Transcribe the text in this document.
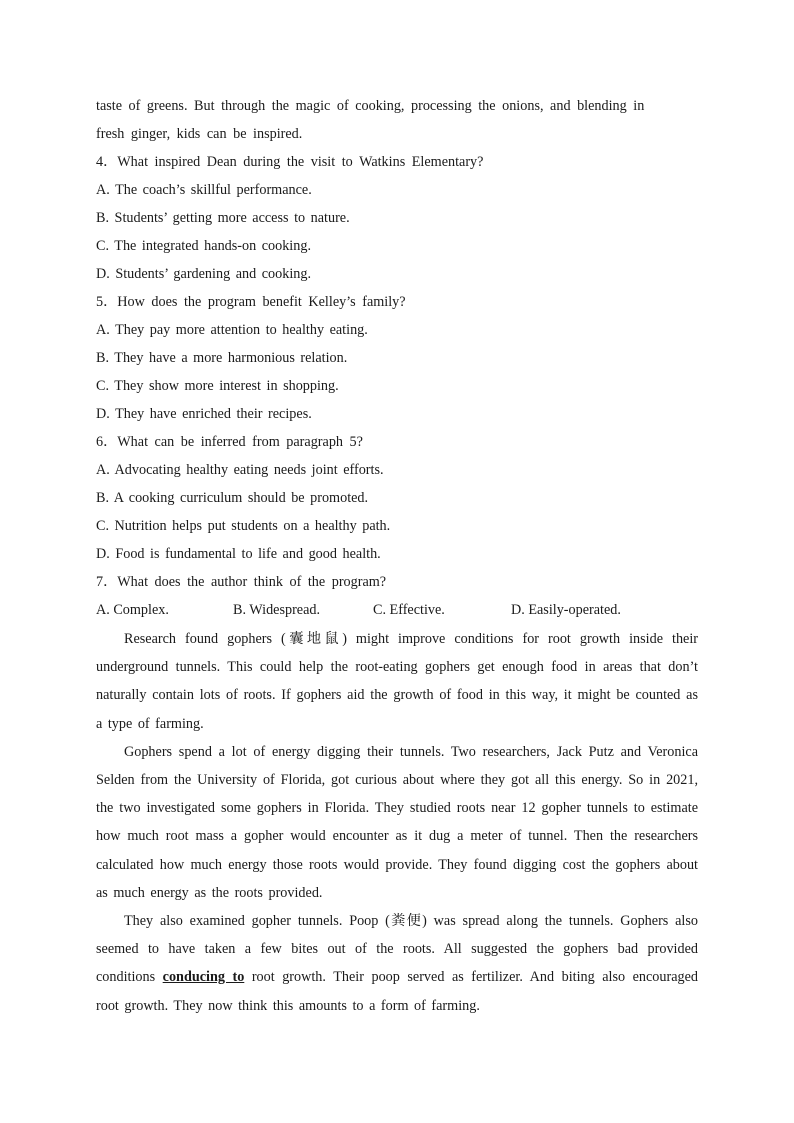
taste of greens. But through the magic of cooking, processing the onions, and blending in
fresh ginger, kids can be inspired.
4．What inspired Dean during the visit to Watkins Elementary?
A. The coach’s skillful performance.
B. Students’ getting more access to nature.
C. The integrated hands-on cooking.
D. Students’ gardening and cooking.
5．How does the program benefit Kelley’s family?
A. They pay more attention to healthy eating.
B. They have a more harmonious relation.
C. They show more interest in shopping.
D. They have enriched their recipes.
6．What can be inferred from paragraph 5?
A. Advocating healthy eating needs joint efforts.
B. A cooking curriculum should be promoted.
C. Nutrition helps put students on a healthy path.
D. Food is fundamental to life and good health.
7．What does the author think of the program?
A. Complex.	B. Widespread.	C. Effective.	D. Easily-operated.

Research found gophers (囊地鼠) might improve conditions for root growth inside their underground tunnels. This could help the root-eating gophers get enough food in areas that don’t naturally contain lots of roots. If gophers aid the growth of food in this way, it might be counted as a type of farming.

Gophers spend a lot of energy digging their tunnels. Two researchers, Jack Putz and Veronica Selden from the University of Florida, got curious about where they got all this energy. So in 2021, the two investigated some gophers in Florida. They studied roots near 12 gopher tunnels to estimate how much root mass a gopher would encounter as it dug a meter of tunnel. Then the researchers calculated how much energy those roots would provide. They found digging cost the gophers about as much energy as the roots provided.

They also examined gopher tunnels. Poop (粪便) was spread along the tunnels. Gophers also seemed to have taken a few bites out of the roots. All suggested the gophers bad provided conditions conducing to root growth. Their poop served as fertilizer. And biting also encouraged root growth. They now think this amounts to a form of farming.
